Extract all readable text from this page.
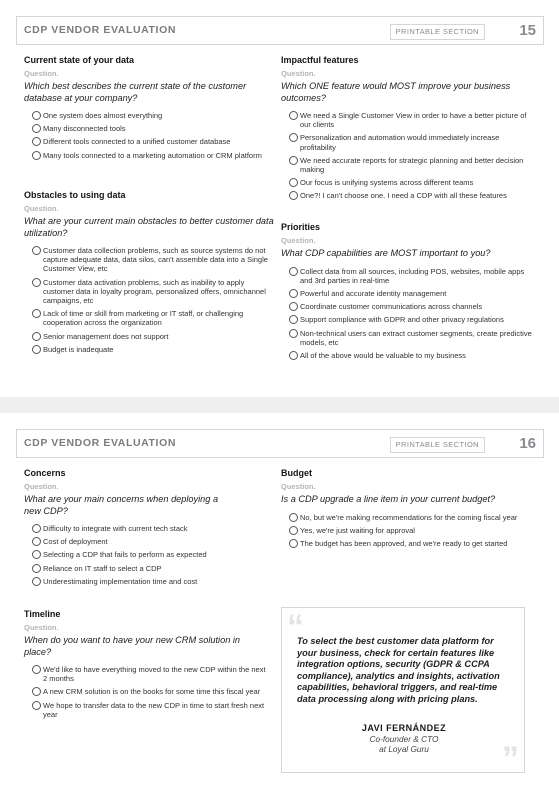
CDP VENDOR EVALUATION	PRINTABLE SECTION	15
Current state of your data
Question.
Which best describes the current state of the customer database at your company?
One system does almost everything
Many disconnected tools
Different tools connected to a unified customer database
Many tools connected to a marketing automation or CRM platform
Obstacles to using data
Question.
What are your current main obstacles to better customer data utilization?
Customer data collection problems, such as source systems do not capture adequate data, data silos, can't assemble data into a Single Customer View, etc
Customer data activation problems, such as inability to apply customer data in loyalty program, personalized offers, omnichannel campaigns, etc
Lack of time or skill from marketing or IT staff, or challenging cooperation across the organization
Senior management does not support
Budget is inadequate
Impactful features
Question.
Which ONE feature would MOST improve your business outcomes?
We need a Single Customer View in order to have a better picture of our clients
Personalization and automation would immediately increase profitability
We need accurate reports for strategic planning and better decision making
Our focus is unifying systems across different teams
One?! I can't choose one. I need a CDP with all these features
Priorities
Question.
What CDP capabilities are MOST important to you?
Collect data from all sources, including POS, websites, mobile apps and 3rd parties in real-time
Powerful and accurate identity management
Coordinate customer communications across channels
Support compliance with GDPR and other privacy regulations
Non-technical users can extract customer segments, create predictive models, etc
All of the above would be valuable to my business
CDP VENDOR EVALUATION	PRINTABLE SECTION	16
Concerns
Question.
What are your main concerns when deploying a new CDP?
Difficulty to integrate with current tech stack
Cost of deployment
Selecting a CDP that fails to perform as expected
Reliance on IT staff to select a CDP
Underestimating implementation time and cost
Timeline
Question.
When do you want to have your new CRM solution in place?
We'd like to have everything moved to the new CDP within the next 2 months
A new CRM solution is on the books for some time this fiscal year
We hope to transfer data to the new CDP in time to start fresh next year
Budget
Question.
Is a CDP upgrade a line item in your current budget?
No, but we're making recommendations for the coming fiscal year
Yes, we're just waiting for approval
The budget has been approved, and we're ready to get started
“
”
To select the best customer data platform for your business, check for certain features like integration options, security (GDPR & CCPA compliance), analytics and insights, activation capabilities, behavioral triggers, and real-time data processing along with pricing plans.
JAVI FERNÁNDEZ
Co-founder & CTO
at Loyal Guru
